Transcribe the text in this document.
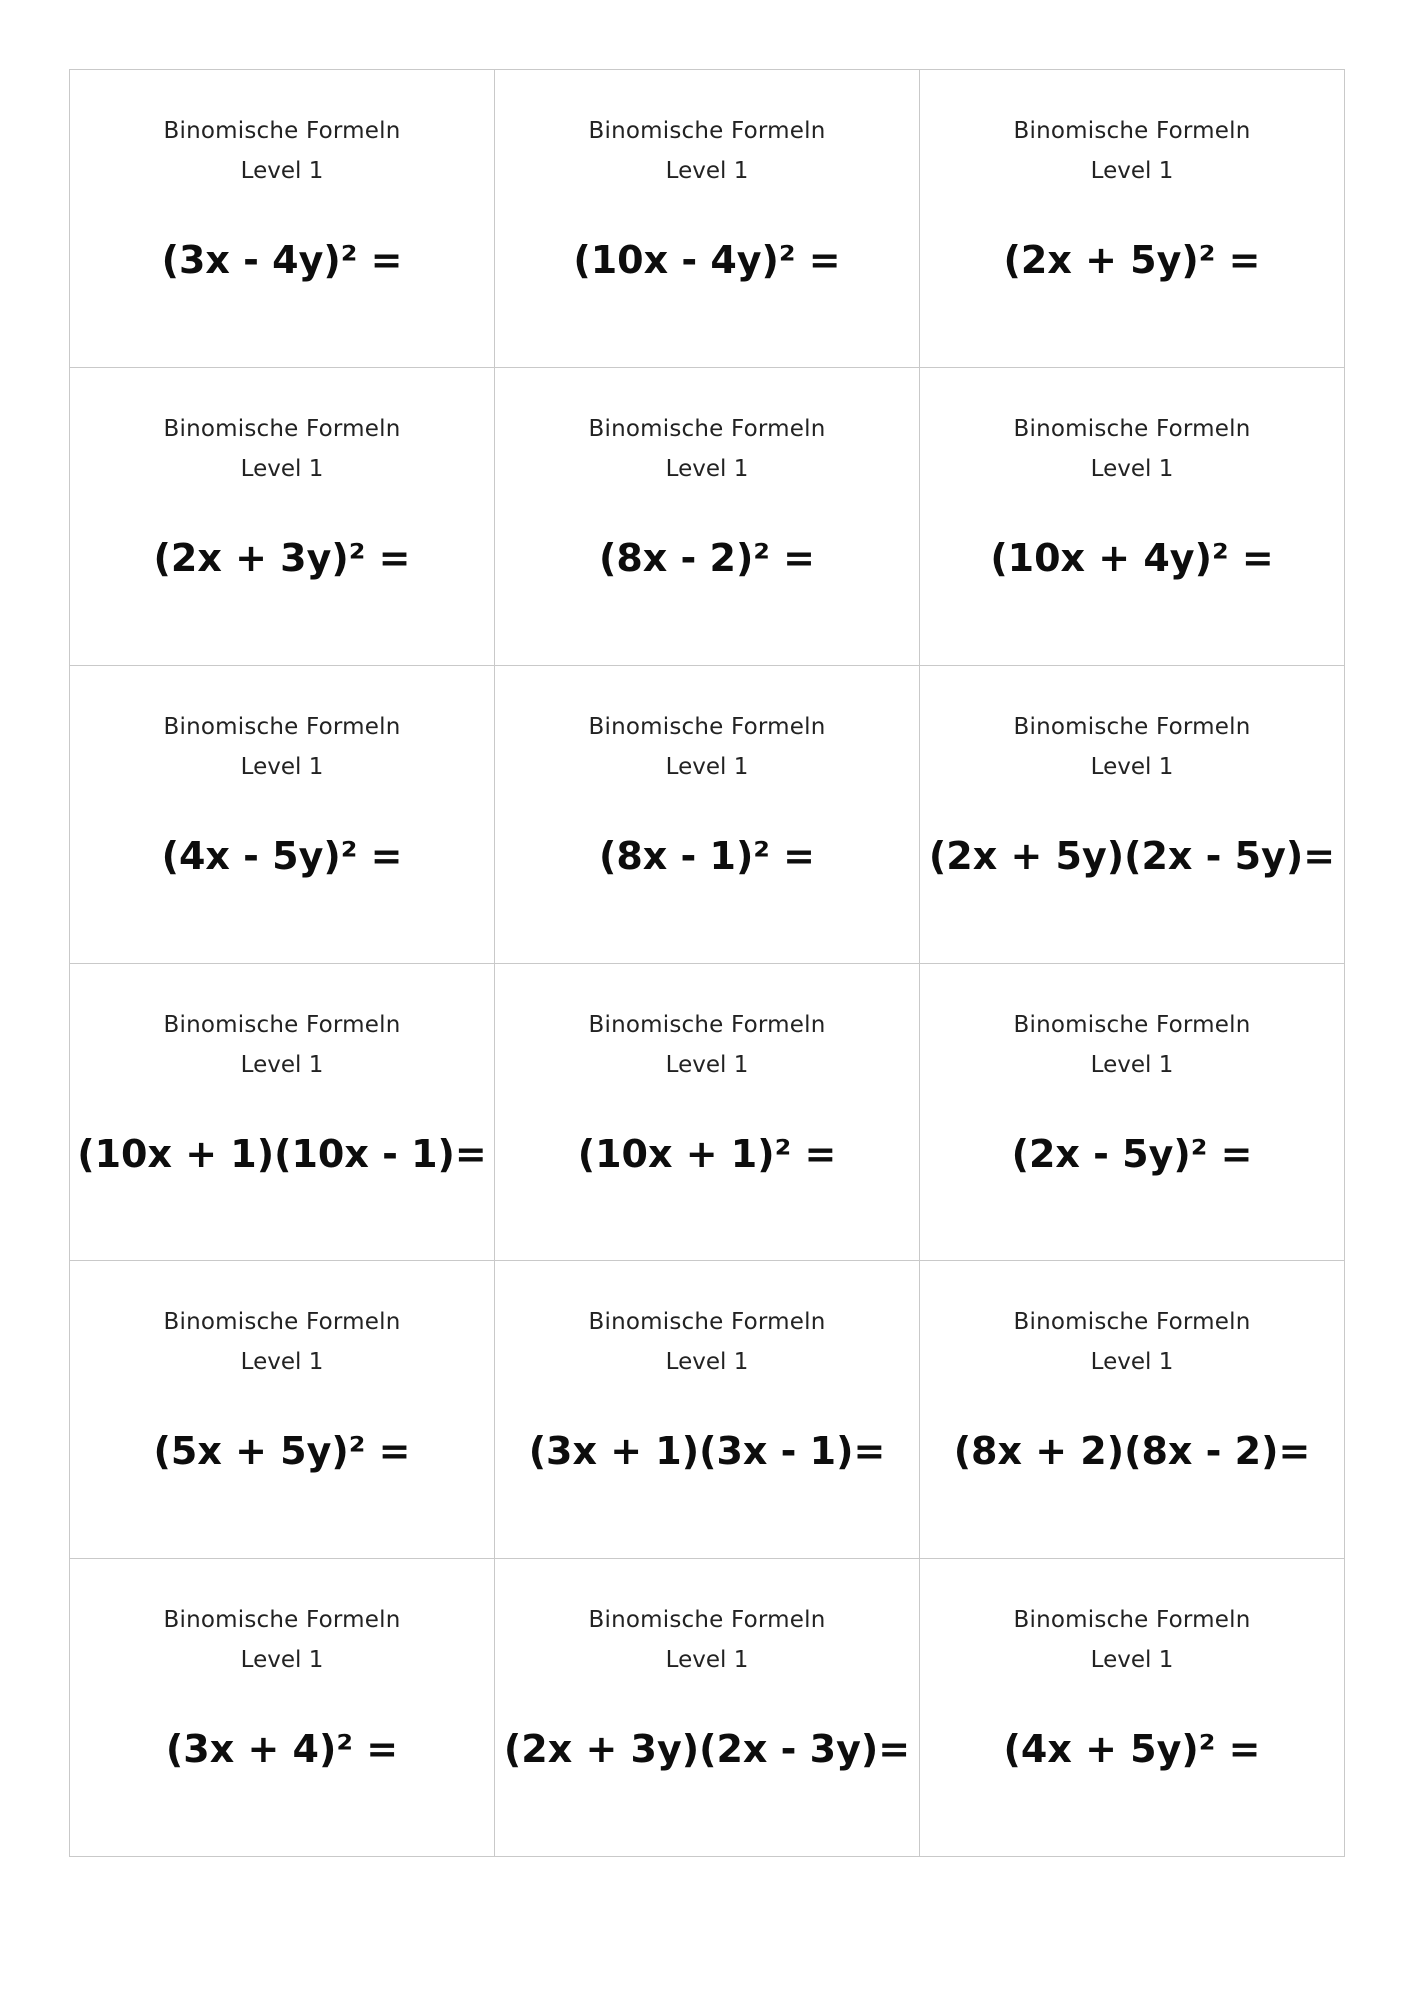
Binomische Formeln
Level 1
(3x - 4y)² =
Binomische Formeln
Level 1
(10x - 4y)² =
Binomische Formeln
Level 1
(2x + 5y)² =
Binomische Formeln
Level 1
(2x + 3y)² =
Binomische Formeln
Level 1
(8x - 2)² =
Binomische Formeln
Level 1
(10x + 4y)² =
Binomische Formeln
Level 1
(4x - 5y)² =
Binomische Formeln
Level 1
(8x - 1)² =
Binomische Formeln
Level 1
(2x + 5y)(2x - 5y)=
Binomische Formeln
Level 1
(10x + 1)(10x - 1)=
Binomische Formeln
Level 1
(10x + 1)² =
Binomische Formeln
Level 1
(2x - 5y)² =
Binomische Formeln
Level 1
(5x + 5y)² =
Binomische Formeln
Level 1
(3x + 1)(3x - 1)=
Binomische Formeln
Level 1
(8x + 2)(8x - 2)=
Binomische Formeln
Level 1
(3x + 4)² =
Binomische Formeln
Level 1
(2x + 3y)(2x - 3y)=
Binomische Formeln
Level 1
(4x + 5y)² =
